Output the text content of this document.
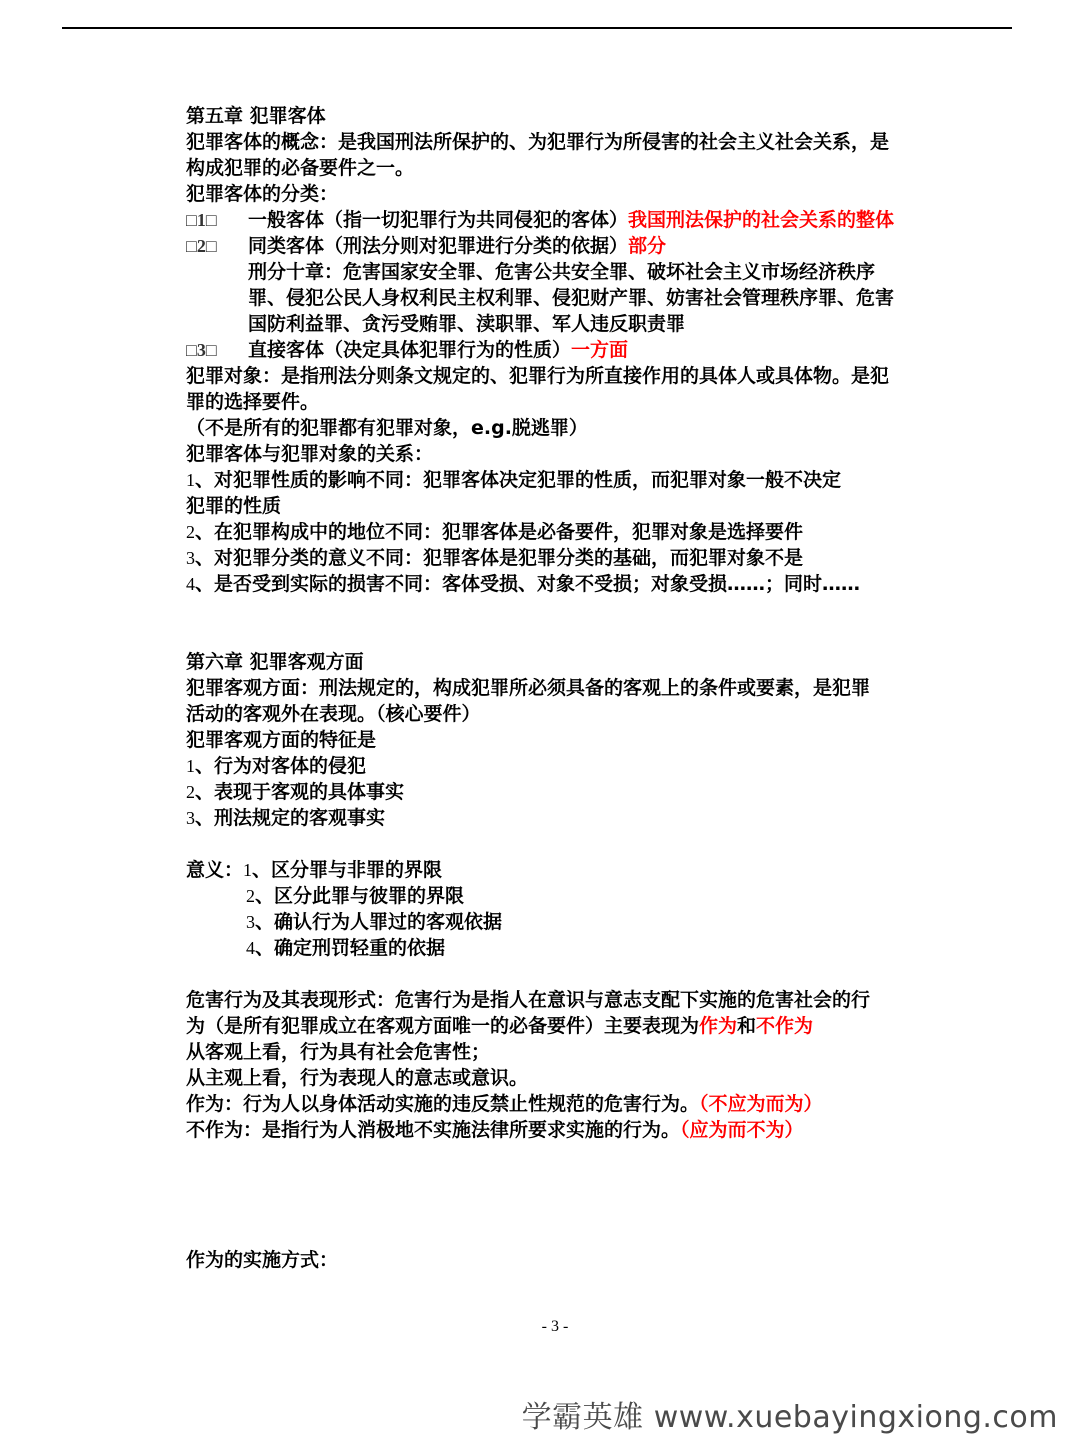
第五章 犯罪客体
犯罪客体的概念：是我国刑法所保护的、为犯罪行为所侵害的社会主义社会关系，是
构成犯罪的必备要件之一。
犯罪客体的分类：
□1□	一般客体（指一切犯罪行为共同侵犯的客体） 我国刑法保护的社会关系的整体
□2□	同类客体（刑法分则对犯罪进行分类的依据） 部分
刑分十章：危害国家安全罪、危害公共安全罪、破坏社会主义市场经济秩序
罪、侵犯公民人身权利民主权利罪、侵犯财产罪、妨害社会管理秩序罪、危害
国防利益罪、贪污受贿罪、渎职罪、军人违反职责罪
□3□	直接客体（决定具体犯罪行为的性质） 一方面
犯罪对象：是指刑法分则条文规定的、犯罪行为所直接作用的具体人或具体物。是犯
罪的选择要件。
（不是所有的犯罪都有犯罪对象，e.g.脱逃罪）
犯罪客体与犯罪对象的关系：
1、对犯罪性质的影响不同：犯罪客体决定犯罪的性质，而犯罪对象一般不决定
犯罪的性质
2、在犯罪构成中的地位不同：犯罪客体是必备要件，犯罪对象是选择要件
3、对犯罪分类的意义不同：犯罪客体是犯罪分类的基础，而犯罪对象不是
4、是否受到实际的损害不同：客体受损、对象不受损；对象受损……；同时……
第六章 犯罪客观方面
犯罪客观方面：刑法规定的，构成犯罪所必须具备的客观上的条件或要素，是犯罪
活动的客观外在表现。（核心要件）
犯罪客观方面的特征是
1、行为对客体的侵犯
2、表现于客观的具体事实
3、刑法规定的客观事实
意义：1、区分罪与非罪的界限
2、区分此罪与彼罪的界限
3、确认行为人罪过的客观依据
4、确定刑罚轻重的依据
危害行为及其表现形式：危害行为是指人在意识与意志支配下实施的危害社会的行
为（是所有犯罪成立在客观方面唯一的必备要件）主要表现为作为和不作为
从客观上看，行为具有社会危害性；
从主观上看，行为表现人的意志或意识。
作为：行为人以身体活动实施的违反禁止性规范的危害行为。（不应为而为）
不作为：是指行为人消极地不实施法律所要求实施的行为。（应为而不为）
作为的实施方式：
- 3 -
学霸英雄 www.xuebayingxiong.com
